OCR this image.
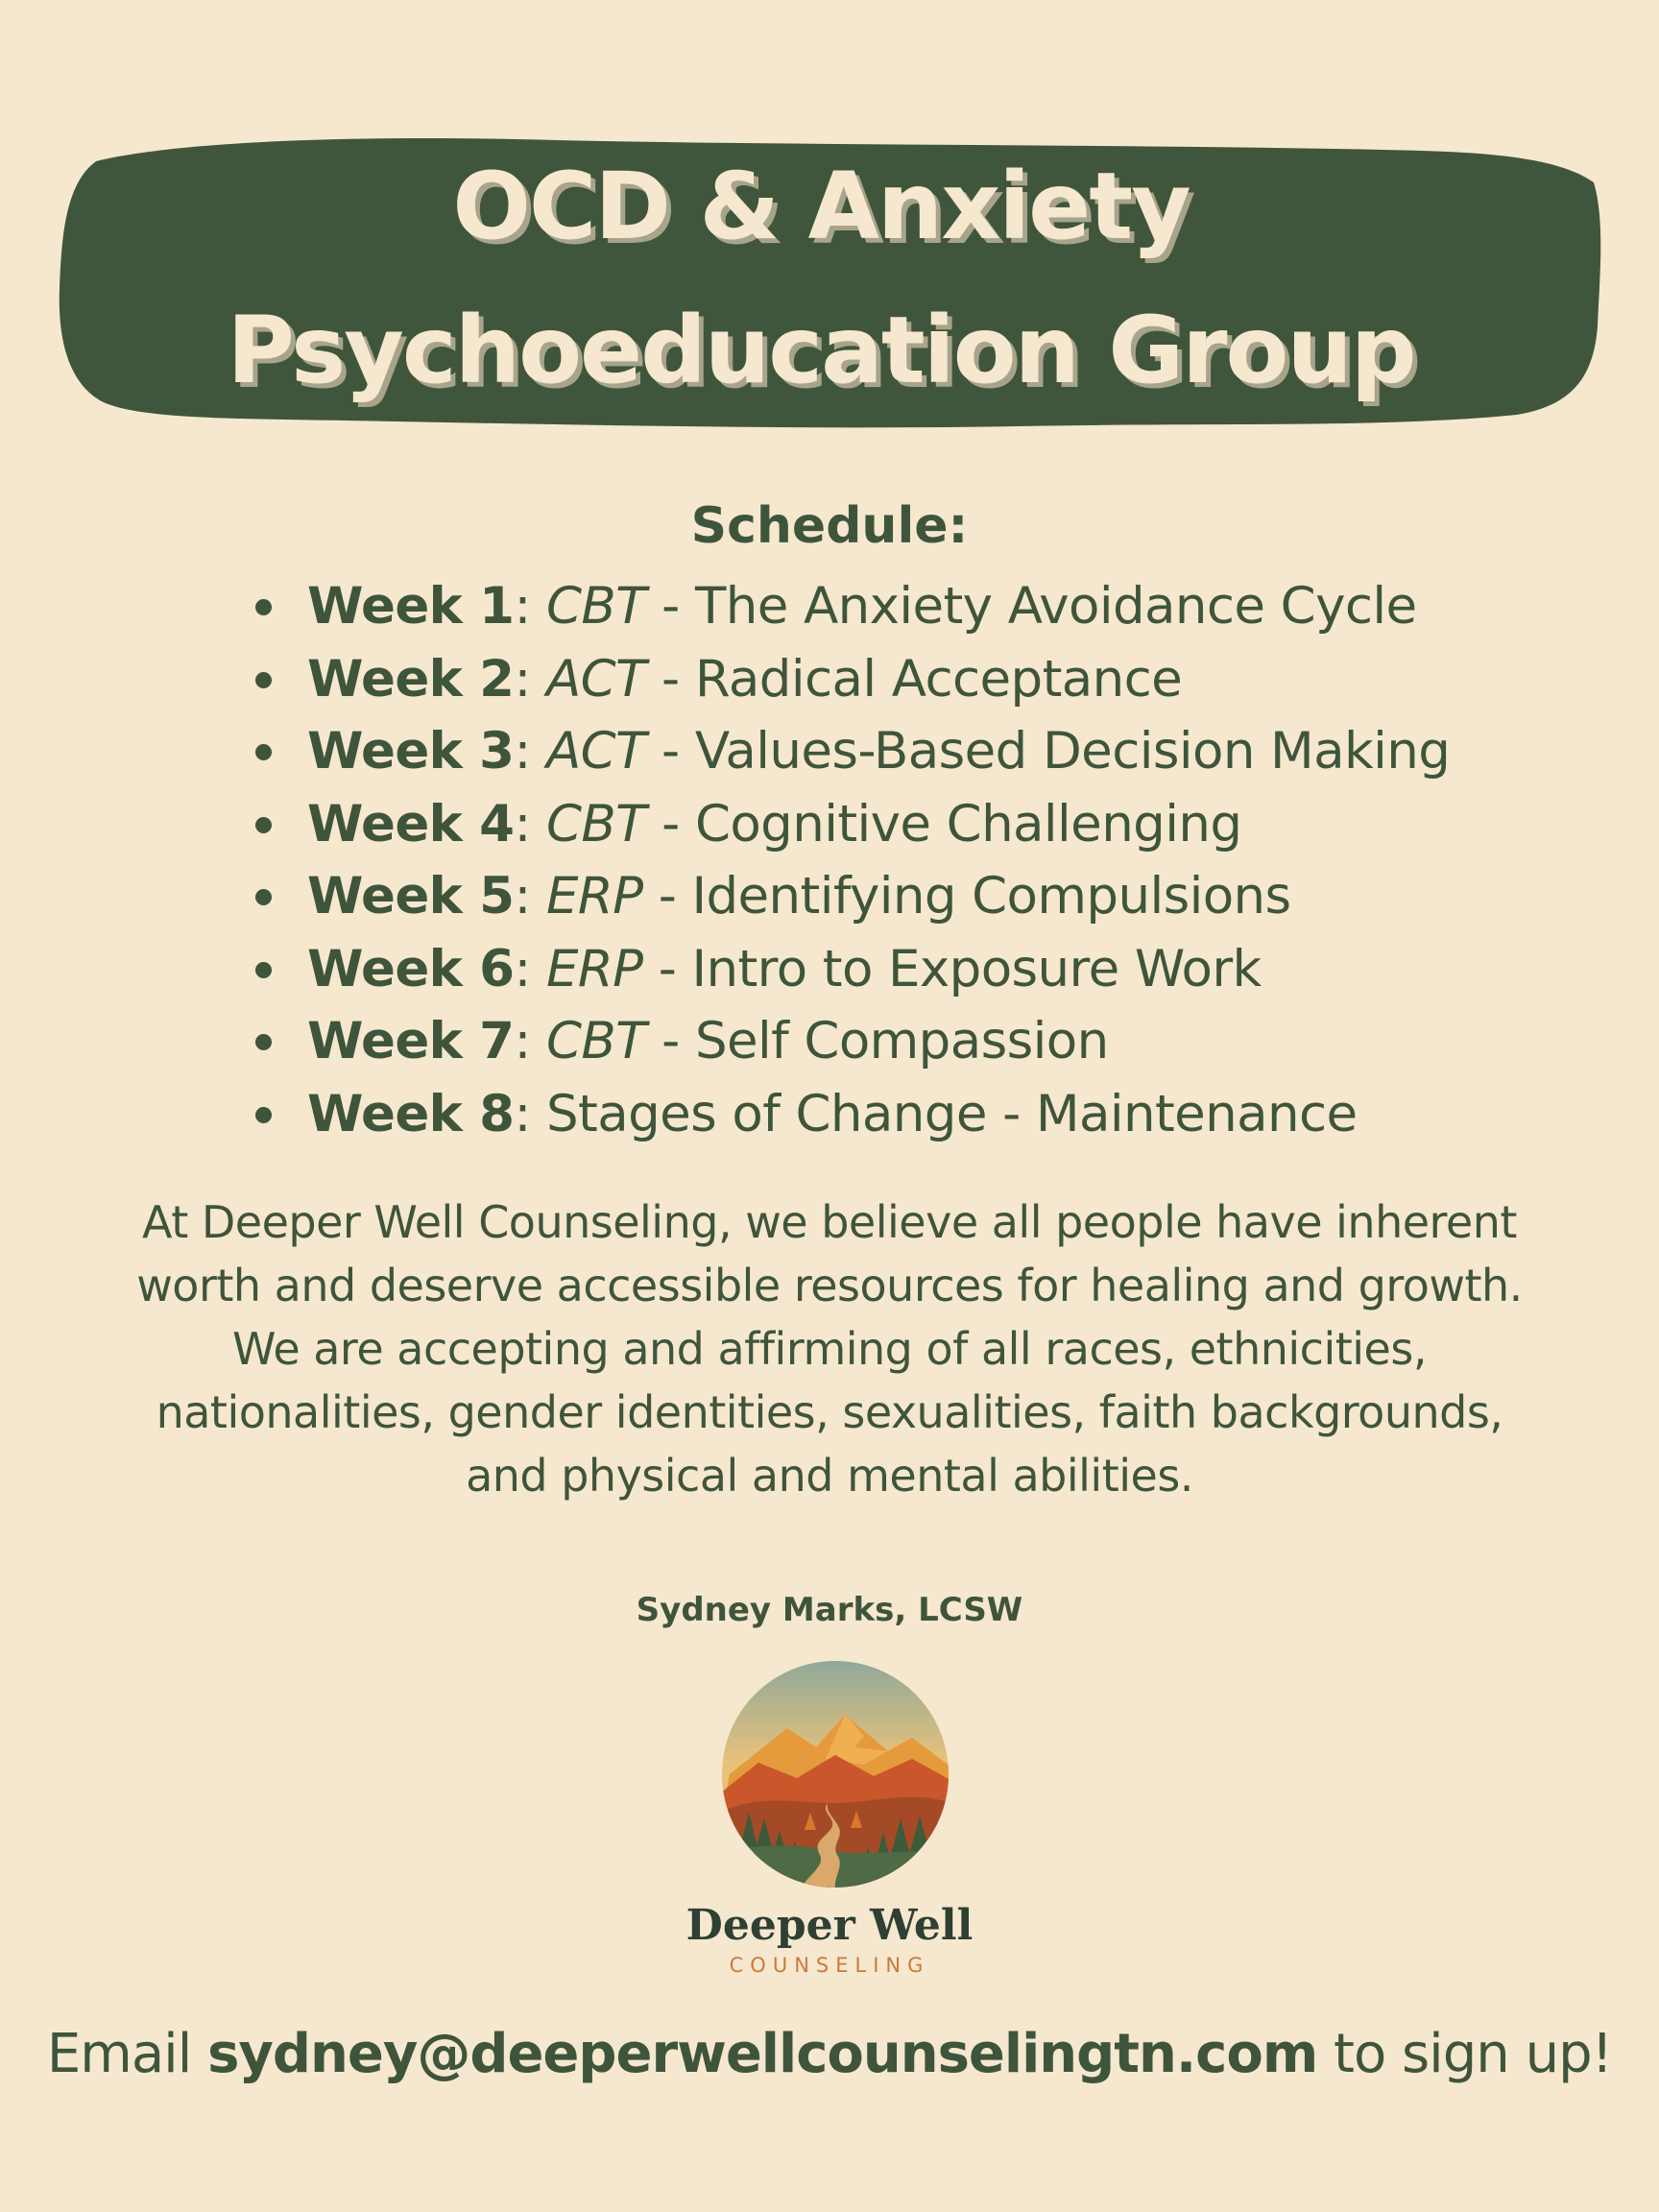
OCD & Anxiety
Psychoeducation Group
Schedule:
Week 1: CBT - The Anxiety Avoidance Cycle
Week 2: ACT - Radical Acceptance
Week 3: ACT - Values-Based Decision Making
Week 4: CBT - Cognitive Challenging
Week 5: ERP - Identifying Compulsions
Week 6: ERP - Intro to Exposure Work
Week 7: CBT - Self Compassion
Week 8: Stages of Change - Maintenance
At Deeper Well Counseling, we believe all people have inherent
worth and deserve accessible resources for healing and growth.
We are accepting and affirming of all races, ethnicities,
nationalities, gender identities, sexualities, faith backgrounds,
and physical and mental abilities.
Sydney Marks, LCSW
Deeper Well
COUNSELING
Email sydney@deeperwellcounselingtn.com to sign up!
